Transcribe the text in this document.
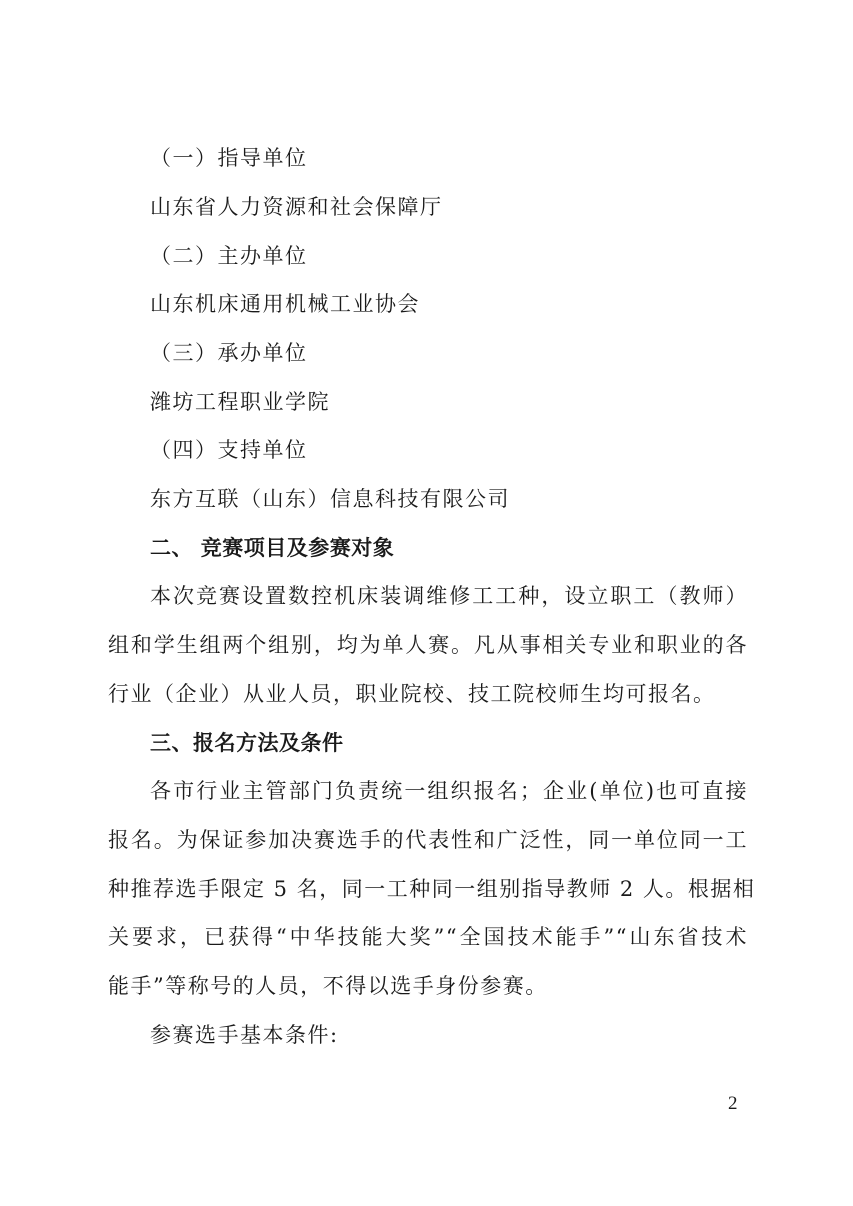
（一）指导单位
山东省人力资源和社会保障厅
（二）主办单位
山东机床通用机械工业协会
（三）承办单位
潍坊工程职业学院
（四）支持单位
东方互联（山东）信息科技有限公司
二、 竞赛项目及参赛对象
本次竞赛设置数控机床装调维修工工种，设立职工（教师）
组和学生组两个组别，均为单人赛。凡从事相关专业和职业的各
行业（企业）从业人员，职业院校、技工院校师生均可报名。
三、报名方法及条件
各市行业主管部门负责统一组织报名；企业(单位)也可直接
报名。为保证参加决赛选手的代表性和广泛性，同一单位同一工
种推荐选手限定 5 名，同一工种同一组别指导教师 2 人。根据相
关要求，已获得“中华技能大奖”“全国技术能手”“山东省技术
能手”等称号的人员，不得以选手身份参赛。
参赛选手基本条件:
2
